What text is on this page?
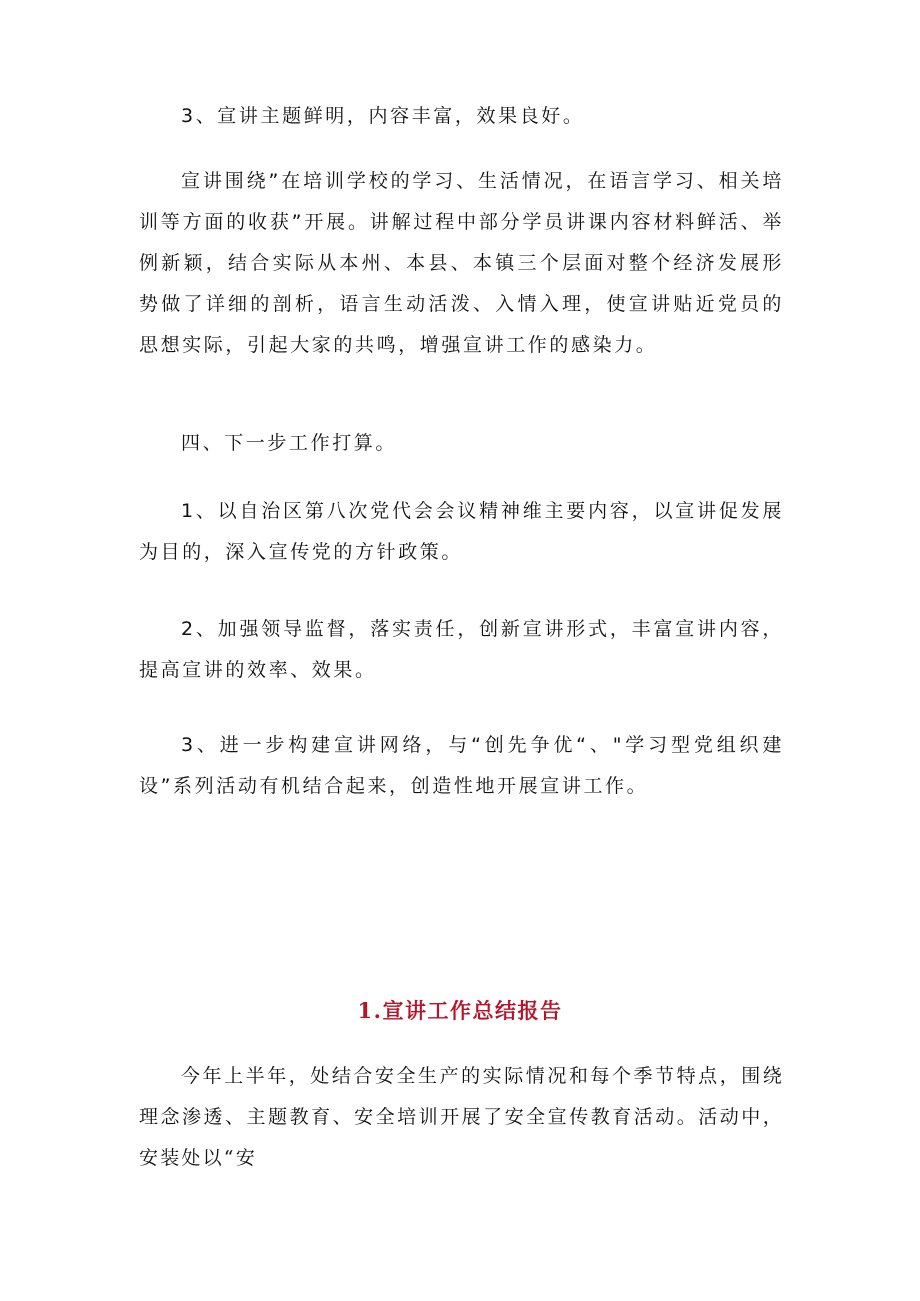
3、宣讲主题鲜明，内容丰富，效果良好。

宣讲围绕”在培训学校的学习、生活情况，在语言学习、相关培训等方面的收获”开展。讲解过程中部分学员讲课内容材料鲜活、举例新颖，结合实际从本州、本县、本镇三个层面对整个经济发展形势做了详细的剖析，语言生动活泼、入情入理，使宣讲贴近党员的思想实际，引起大家的共鸣，增强宣讲工作的感染力。

四、下一步工作打算。

1、以自治区第八次党代会会议精神维主要内容，以宣讲促发展为目的，深入宣传党的方针政策。

2、加强领导监督，落实责任，创新宣讲形式，丰富宣讲内容，提高宣讲的效率、效果。

3、进一步构建宣讲网络，与“创先争优“、"学习型党组织建设”系列活动有机结合起来，创造性地开展宣讲工作。

1.宣讲工作总结报告

今年上半年，处结合安全生产的实际情况和每个季节特点，围绕理念渗透、主题教育、安全培训开展了安全宣传教育活动。活动中，安装处以“安
